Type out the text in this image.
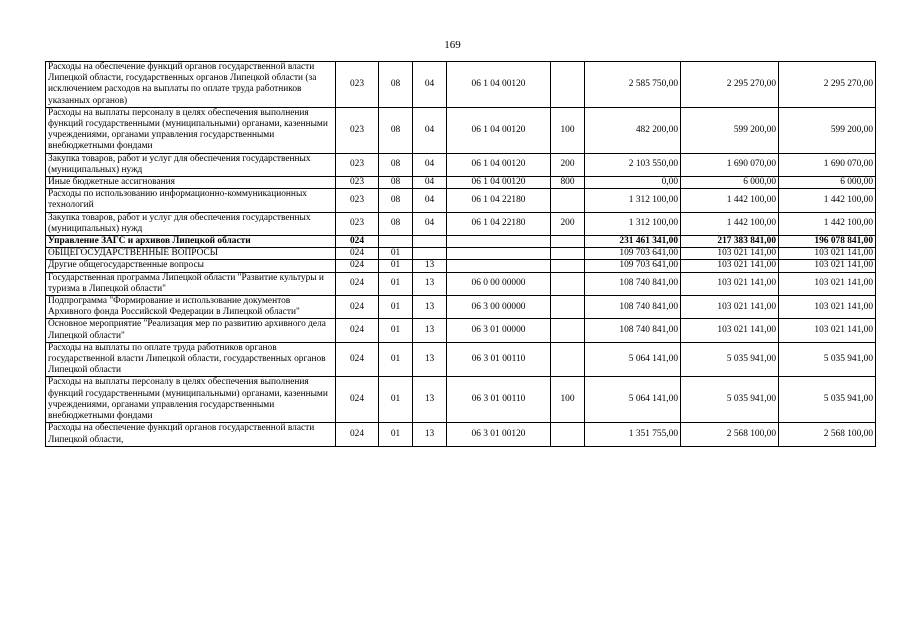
169
Расходы на обеспечение функций органов государственной власти Липецкой области, государственных органов Липецкой области (за исключением расходов на выплаты по оплате труда работников указанных органов)	023	08	04	06 1 04 00120		2 585 750,00	2 295 270,00	2 295 270,00
Расходы на выплаты персоналу в целях обеспечения выполнения функций государственными (муниципальными) органами, казенными учреждениями, органами управления государственными внебюджетными фондами	023	08	04	06 1 04 00120	100	482 200,00	599 200,00	599 200,00
Закупка товаров, работ и услуг для обеспечения государственных (муниципальных) нужд	023	08	04	06 1 04 00120	200	2 103 550,00	1 690 070,00	1 690 070,00
Иные бюджетные ассигнования	023	08	04	06 1 04 00120	800	0,00	6 000,00	6 000,00
Расходы по использованию информационно-коммуникационных технологий	023	08	04	06 1 04 22180		1 312 100,00	1 442 100,00	1 442 100,00
Закупка товаров, работ и услуг для обеспечения государственных (муниципальных) нужд	023	08	04	06 1 04 22180	200	1 312 100,00	1 442 100,00	1 442 100,00
Управление ЗАГС и архивов Липецкой области	024					231 461 341,00	217 383 841,00	196 078 841,00
ОБЩЕГОСУДАРСТВЕННЫЕ ВОПРОСЫ	024	01				109 703 641,00	103 021 141,00	103 021 141,00
Другие общегосударственные вопросы	024	01	13			109 703 641,00	103 021 141,00	103 021 141,00
Государственная программа Липецкой области "Развитие культуры и туризма в Липецкой области"	024	01	13	06 0 00 00000		108 740 841,00	103 021 141,00	103 021 141,00
Подпрограмма "Формирование и использование документов Архивного фонда Российской Федерации в Липецкой области"	024	01	13	06 3 00 00000		108 740 841,00	103 021 141,00	103 021 141,00
Основное мероприятие "Реализация мер по развитию архивного дела Липецкой области"	024	01	13	06 3 01 00000		108 740 841,00	103 021 141,00	103 021 141,00
Расходы на выплаты по оплате труда работников органов государственной власти Липецкой области, государственных органов Липецкой области	024	01	13	06 3 01 00110		5 064 141,00	5 035 941,00	5 035 941,00
Расходы на выплаты персоналу в целях обеспечения выполнения функций государственными (муниципальными) органами, казенными учреждениями, органами управления государственными внебюджетными фондами	024	01	13	06 3 01 00110	100	5 064 141,00	5 035 941,00	5 035 941,00
Расходы на обеспечение функций органов государственной власти Липецкой области,	024	01	13	06 3 01 00120		1 351 755,00	2 568 100,00	2 568 100,00
